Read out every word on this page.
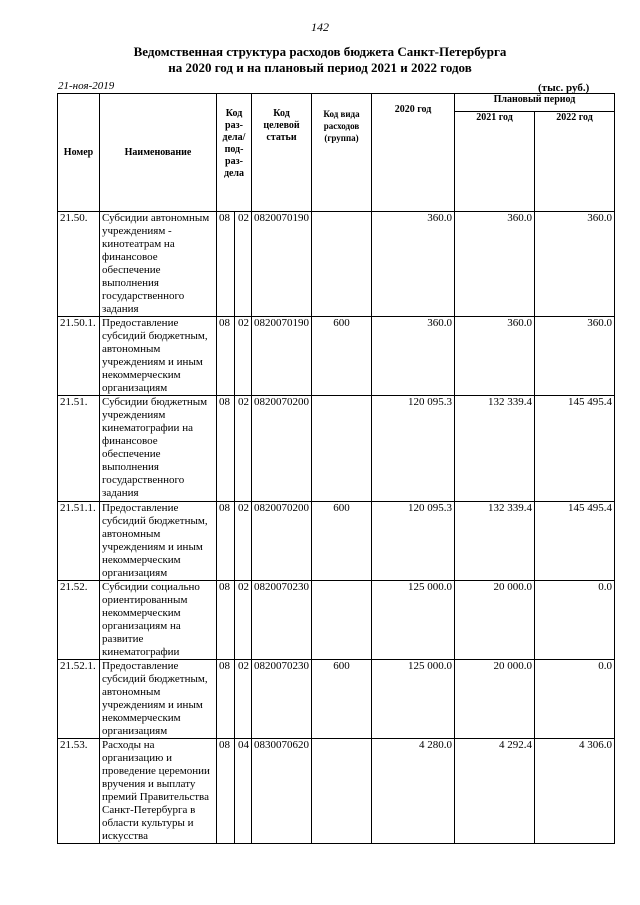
142
Ведомственная структура расходов бюджета Санкт-Петербурга
на 2020 год и на плановый период 2021 и 2022 годов
21-ноя-2019	(тыс. руб.)
Номер	Наименование	Код раз-дела/ под-раз-дела		Код целевой статьи	Код вида расходов (группа)	2020 год	Плановый период	
							2021 год	2022 год
21.50.	Субсидии автономным учреждениям - кинотеатрам на финансовое обеспечение выполнения государственного задания	08	02	0820070190		360.0	360.0	360.0
21.50.1.	Предоставление субсидий бюджетным, автономным учреждениям и иным некоммерческим организациям	08	02	0820070190	600	360.0	360.0	360.0
21.51.	Субсидии бюджетным учреждениям кинематографии на финансовое обеспечение выполнения государственного задания	08	02	0820070200		120 095.3	132 339.4	145 495.4
21.51.1.	Предоставление субсидий бюджетным, автономным учреждениям и иным некоммерческим организациям	08	02	0820070200	600	120 095.3	132 339.4	145 495.4
21.52.	Субсидии социально ориентированным некоммерческим организациям на развитие кинематографии	08	02	0820070230		125 000.0	20 000.0	0.0
21.52.1.	Предоставление субсидий бюджетным, автономным учреждениям и иным некоммерческим организациям	08	02	0820070230	600	125 000.0	20 000.0	0.0
21.53.	Расходы на организацию и проведение церемонии вручения и выплату премий Правительства Санкт-Петербурга в области культуры и искусства	08	04	0830070620		4 280.0	4 292.4	4 306.0
